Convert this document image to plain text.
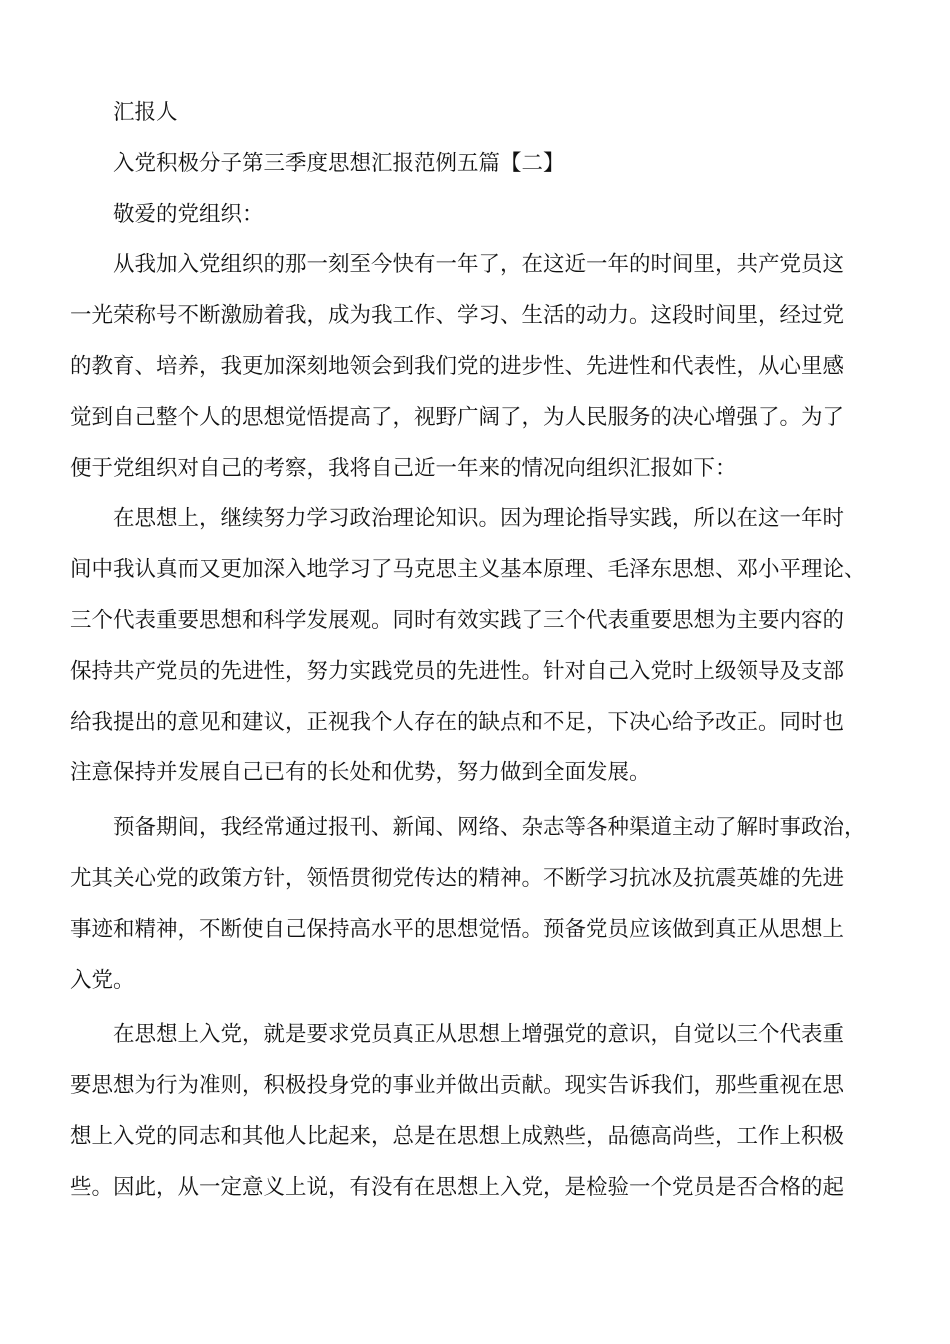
汇报人
入党积极分子第三季度思想汇报范例五篇【二】
敬爱的党组织：
从我加入党组织的那一刻至今快有一年了，在这近一年的时间里，共产党员这
一光荣称号不断激励着我，成为我工作、学习、生活的动力。这段时间里，经过党
的教育、培养，我更加深刻地领会到我们党的进步性、先进性和代表性，从心里感
觉到自己整个人的思想觉悟提高了，视野广阔了，为人民服务的决心增强了。为了
便于党组织对自己的考察，我将自己近一年来的情况向组织汇报如下：
在思想上，继续努力学习政治理论知识。因为理论指导实践，所以在这一年时
间中我认真而又更加深入地学习了马克思主义基本原理、毛泽东思想、邓小平理论、
三个代表重要思想和科学发展观。同时有效实践了三个代表重要思想为主要内容的
保持共产党员的先进性，努力实践党员的先进性。针对自己入党时上级领导及支部
给我提出的意见和建议，正视我个人存在的缺点和不足，下决心给予改正。同时也
注意保持并发展自己已有的长处和优势，努力做到全面发展。
预备期间，我经常通过报刊、新闻、网络、杂志等各种渠道主动了解时事政治，
尤其关心党的政策方针，领悟贯彻党传达的精神。不断学习抗冰及抗震英雄的先进
事迹和精神，不断使自己保持高水平的思想觉悟。预备党员应该做到真正从思想上
入党。
在思想上入党，就是要求党员真正从思想上增强党的意识，自觉以三个代表重
要思想为行为准则，积极投身党的事业并做出贡献。现实告诉我们，那些重视在思
想上入党的同志和其他人比起来，总是在思想上成熟些，品德高尚些，工作上积极
些。因此，从一定意义上说，有没有在思想上入党，是检验一个党员是否合格的起
